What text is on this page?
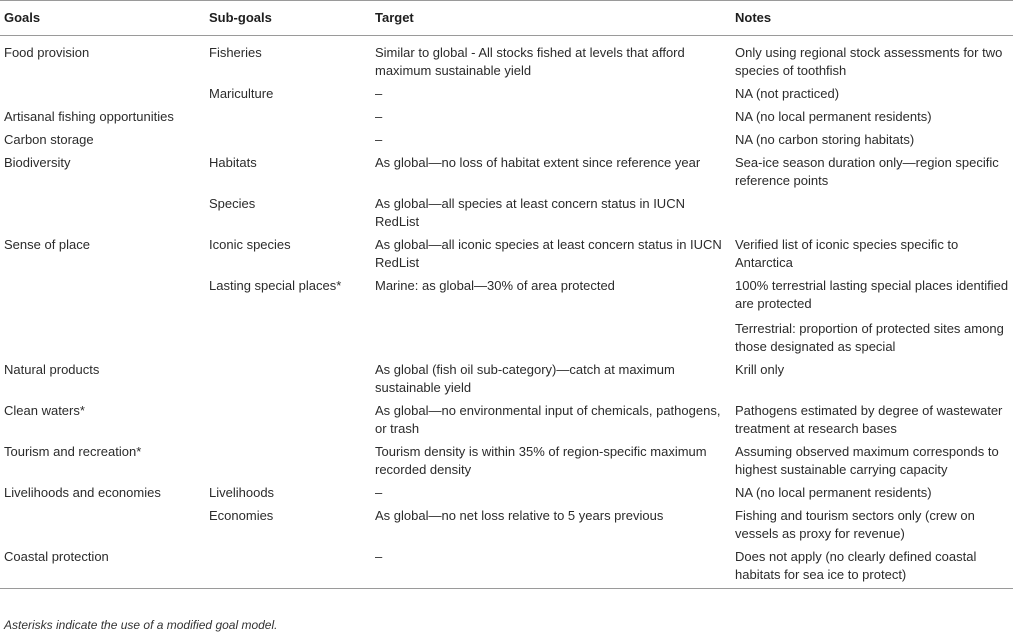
Goals	Sub-goals	Target	Notes
Food provision	Fisheries	Similar to global - All stocks fished at levels that afford maximum sustainable yield	Only using regional stock assessments for two species of toothfish
	Mariculture	–	NA (not practiced)
Artisanal fishing opportunities		–	NA (no local permanent residents)
Carbon storage		–	NA (no carbon storing habitats)
Biodiversity	Habitats	As global—no loss of habitat extent since reference year	Sea-ice season duration only—region specific reference points
	Species	As global—all species at least concern status in IUCN RedList	
Sense of place	Iconic species	As global—all iconic species at least concern status in IUCN RedList	Verified list of iconic species specific to Antarctica
	Lasting special places*	Marine: as global—30% of area protected	100% terrestrial lasting special places identified are protected
			Terrestrial: proportion of protected sites among those designated as special
Natural products		As global (fish oil sub-category)—catch at maximum sustainable yield	Krill only
Clean waters*		As global—no environmental input of chemicals, pathogens, or trash	Pathogens estimated by degree of wastewater treatment at research bases
Tourism and recreation*		Tourism density is within 35% of region-specific maximum recorded density	Assuming observed maximum corresponds to highest sustainable carrying capacity
Livelihoods and economies	Livelihoods	–	NA (no local permanent residents)
	Economies	As global—no net loss relative to 5 years previous	Fishing and tourism sectors only (crew on vessels as proxy for revenue)
Coastal protection		–	Does not apply (no clearly defined coastal habitats for sea ice to protect)
Asterisks indicate the use of a modified goal model.
